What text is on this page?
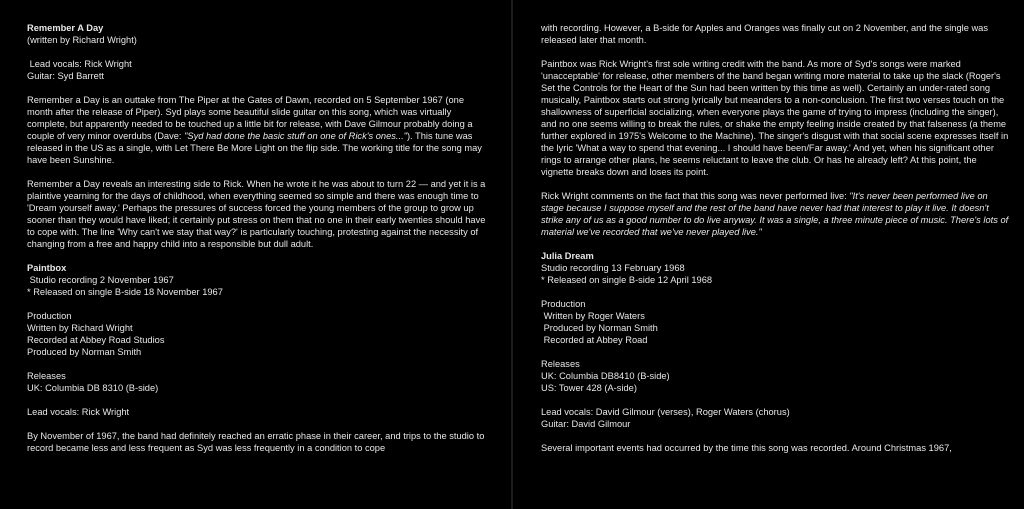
Remember A Day
(written by Richard Wright)
Lead vocals: Rick Wright
Guitar: Syd Barrett

Remember a Day is an outtake from The Piper at the Gates of Dawn, recorded on 5 September 1967 (one month after the release of Piper). Syd plays some beautiful slide guitar on this song, which was virtually complete, but apparently needed to be touched up a little bit for release, with Dave Gilmour probably doing a couple of very minor overdubs (Dave: "Syd had done the basic stuff on one of Rick's ones..."). This tune was released in the US as a single, with Let There Be More Light on the flip side. The working title for the song may have been Sunshine.

Remember a Day reveals an interesting side to Rick. When he wrote it he was about to turn 22 — and yet it is a plaintive yearning for the days of childhood, when everything seemed so simple and there was enough time to 'Dream yourself away.' Perhaps the pressures of success forced the young members of the group to grow up sooner than they would have liked; it certainly put stress on them that no one in their early twenties should have to cope with. The line 'Why can't we stay that way?' is particularly touching, protesting against the necessity of changing from a free and happy child into a responsible but dull adult.

Paintbox
Studio recording 2 November 1967
* Released on single B-side 18 November 1967
Production
Written by Richard Wright
Recorded at Abbey Road Studios
Produced by Norman Smith
Releases
UK: Columbia DB 8310 (B-side)

Lead vocals: Rick Wright

By November of 1967, the band had definitely reached an erratic phase in their career, and trips to the studio to record became less and less frequent as Syd was less frequently in a condition to cope

with recording. However, a B-side for Apples and Oranges was finally cut on 2 November, and the single was released later that month.

Paintbox was Rick Wright's first sole writing credit with the band. As more of Syd's songs were marked 'unacceptable' for release, other members of the band began writing more material to take up the slack (Roger's Set the Controls for the Heart of the Sun had been written by this time as well). Certainly an under-rated song musically, Paintbox starts out strong lyrically but meanders to a non-conclusion. The first two verses touch on the shallowness of superficial socializing, when everyone plays the game of trying to impress (including the singer), and no one seems willing to break the rules, or shake the empty feeling inside created by that falseness (a theme further explored in 1975's Welcome to the Machine). The singer's disgust with that social scene expresses itself in the lyric 'What a way to spend that evening... I should have been/Far away.' And yet, when his significant other rings to arrange other plans, he seems reluctant to leave the club. Or has he already left? At this point, the vignette breaks down and loses its point.

Rick Wright comments on the fact that this song was never performed live: "It's never been performed live on stage because I suppose myself and the rest of the band have never had that interest to play it live. It doesn't strike any of us as a good number to do live anyway. It was a single, a three minute piece of music. There's lots of material we've recorded that we've never played live."

Julia Dream
Studio recording 13 February 1968
* Released on single B-side 12 April 1968
Production
Written by Roger Waters
Produced by Norman Smith
Recorded at Abbey Road
Releases
UK: Columbia DB8410 (B-side)
US: Tower 428 (A-side)
Lead vocals: David Gilmour (verses), Roger Waters (chorus)
Guitar: David Gilmour

Several important events had occurred by the time this song was recorded. Around Christmas 1967,
